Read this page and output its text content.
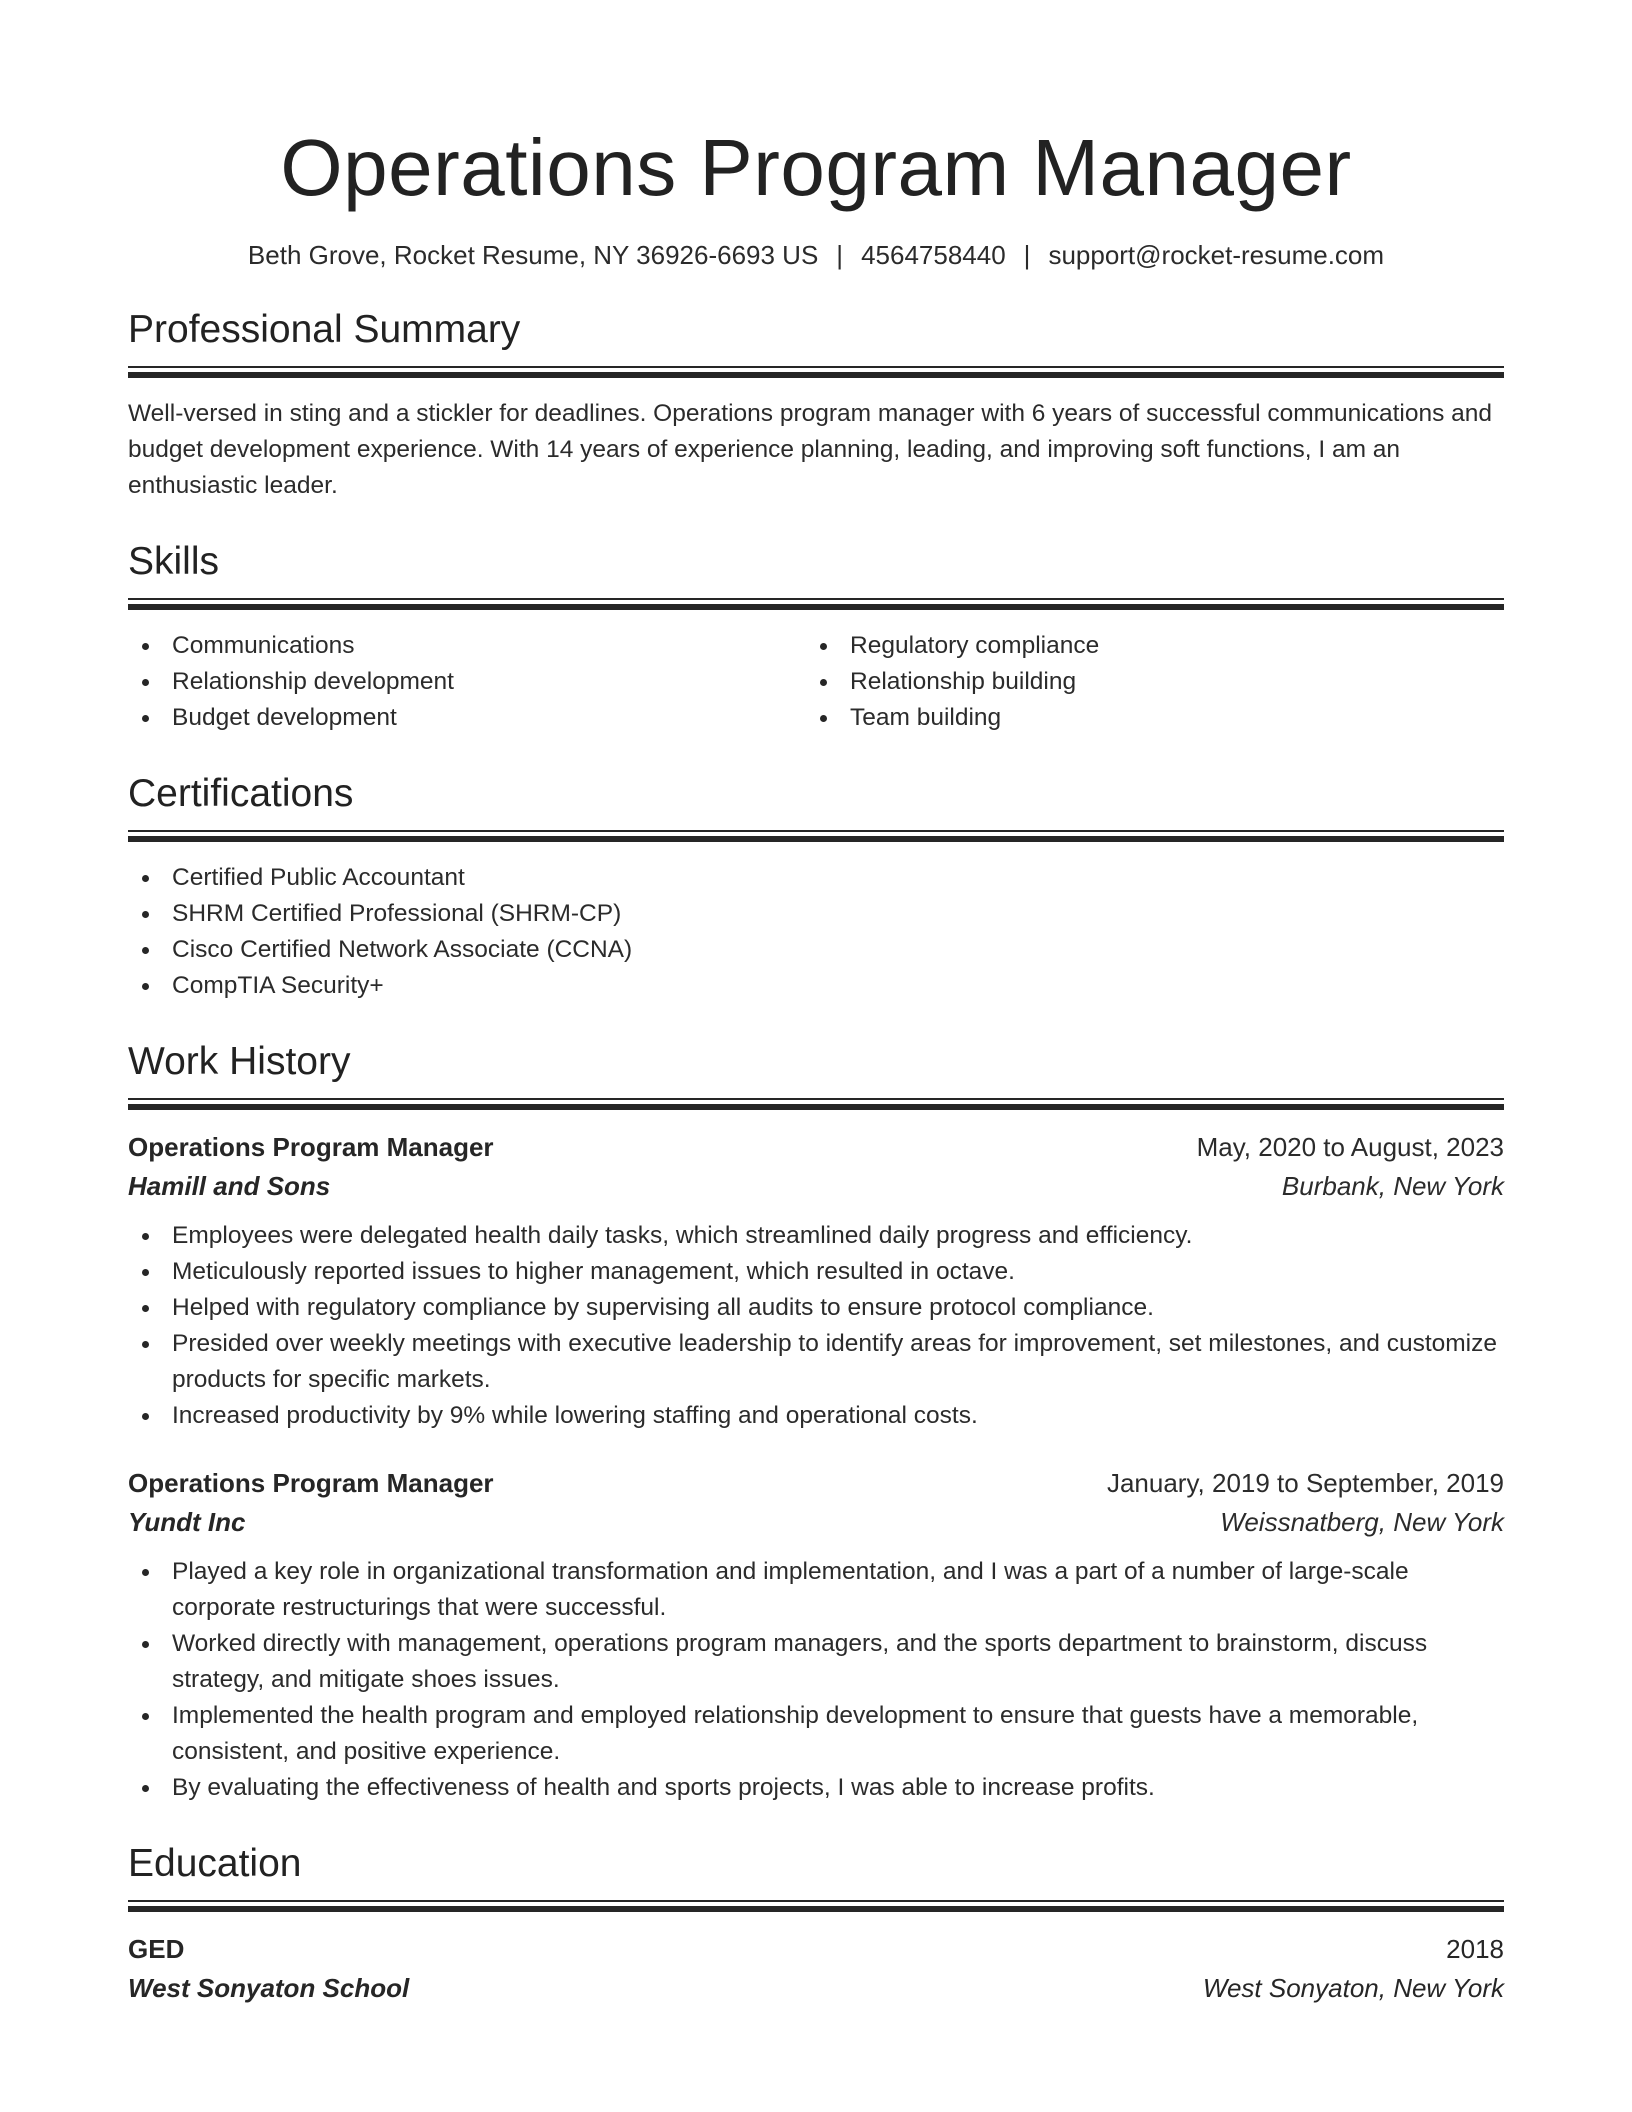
Operations Program Manager
Beth Grove, Rocket Resume, NY 36926-6693 US | 4564758440 | support@rocket-resume.com
Professional Summary

Well-versed in sting and a stickler for deadlines. Operations program manager with 6 years of successful communications and budget development experience. With 14 years of experience planning, leading, and improving soft functions, I am an enthusiastic leader.

Skills
Communications
Relationship development
Budget development
Regulatory compliance
Relationship building
Team building
Certifications
Certified Public Accountant
SHRM Certified Professional (SHRM-CP)
Cisco Certified Network Associate (CCNA)
CompTIA Security+
Work History
Operations Program Manager	May, 2020 to August, 2023
Hamill and Sons	Burbank, New York
Employees were delegated health daily tasks, which streamlined daily progress and efficiency.
Meticulously reported issues to higher management, which resulted in octave.
Helped with regulatory compliance by supervising all audits to ensure protocol compliance.
Presided over weekly meetings with executive leadership to identify areas for improvement, set milestones, and customize products for specific markets.
Increased productivity by 9% while lowering staffing and operational costs.
Operations Program Manager	January, 2019 to September, 2019
Yundt Inc	Weissnatberg, New York
Played a key role in organizational transformation and implementation, and I was a part of a number of large-scale corporate restructurings that were successful.
Worked directly with management, operations program managers, and the sports department to brainstorm, discuss strategy, and mitigate shoes issues.
Implemented the health program and employed relationship development to ensure that guests have a memorable, consistent, and positive experience.
By evaluating the effectiveness of health and sports projects, I was able to increase profits.
Education
GED	2018
West Sonyaton School	West Sonyaton, New York
